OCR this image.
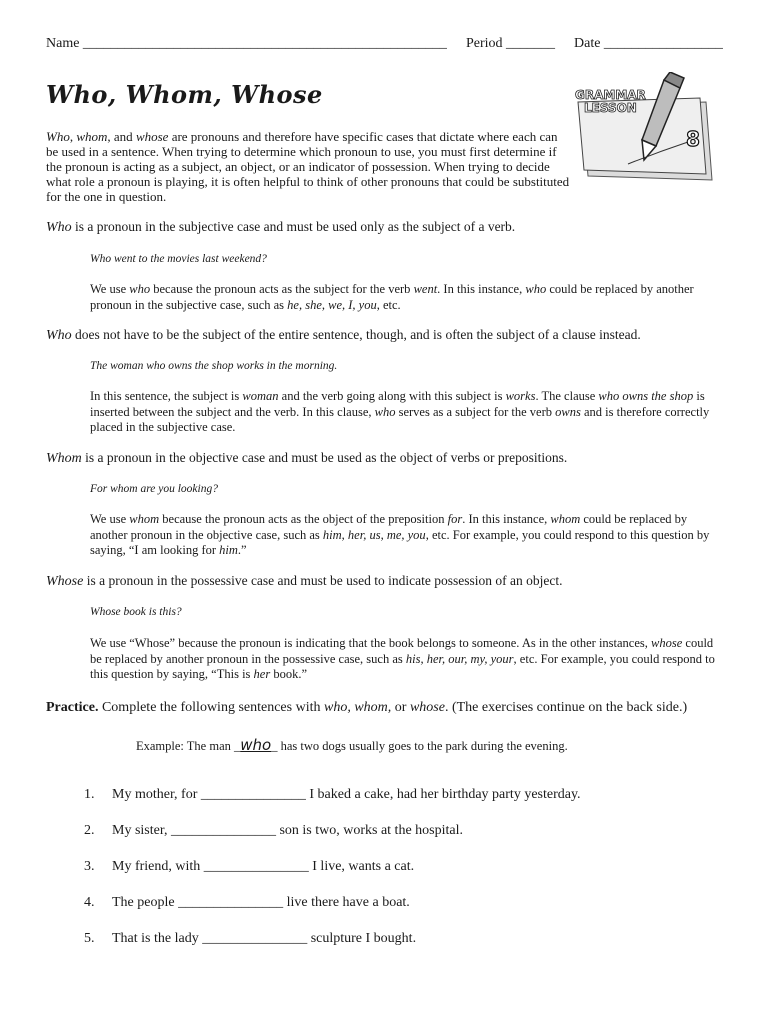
Name ____________________________________________________ Period _______ Date _________________
Who, Whom, Whose	GRAMMAR
LESSON
8
Who, whom, and whose are pronouns and therefore have specific cases that dictate where each can be used in a sentence. When trying to determine which pronoun to use, you must first determine if the pronoun is acting as a subject, an object, or an indicator of possession. When trying to decide what role a pronoun is playing, it is often helpful to think of other pronouns that could be substituted for the one in question.
Who is a pronoun in the subjective case and must be used only as the subject of a verb.
Who went to the movies last weekend?
We use who because the pronoun acts as the subject for the verb went. In this instance, who could be replaced by another pronoun in the subjective case, such as he, she, we, I, you, etc.
Who does not have to be the subject of the entire sentence, though, and is often the subject of a clause instead.
The woman who owns the shop works in the morning.
In this sentence, the subject is woman and the verb going along with this subject is works. The clause who owns the shop is inserted between the subject and the verb. In this clause, who serves as a subject for the verb owns and is therefore correctly placed in the subjective case.
Whom is a pronoun in the objective case and must be used as the object of verbs or prepositions.
For whom are you looking?
We use whom because the pronoun acts as the object of the preposition for. In this instance, whom could be replaced by another pronoun in the objective case, such as him, her, us, me, you, etc. For example, you could respond to this question by saying, “I am looking for him.”
Whose is a pronoun in the possessive case and must be used to indicate possession of an object.
Whose book is this?
We use “Whose” because the pronoun is indicating that the book belongs to someone. As in the other instances, whose could be replaced by another pronoun in the possessive case, such as his, her, our, my, your, etc. For example, you could respond to this question by saying, “This is her book.”
Practice. Complete the following sentences with who, whom, or whose. (The exercises continue on the back side.)
Example: The man _who_ has two dogs usually goes to the park during the evening.
1. My mother, for _______________ I baked a cake, had her birthday party yesterday.
2. My sister, _______________ son is two, works at the hospital.
3. My friend, with _______________ I live, wants a cat.
4. The people _______________ live there have a boat.
5. That is the lady _______________ sculpture I bought.
